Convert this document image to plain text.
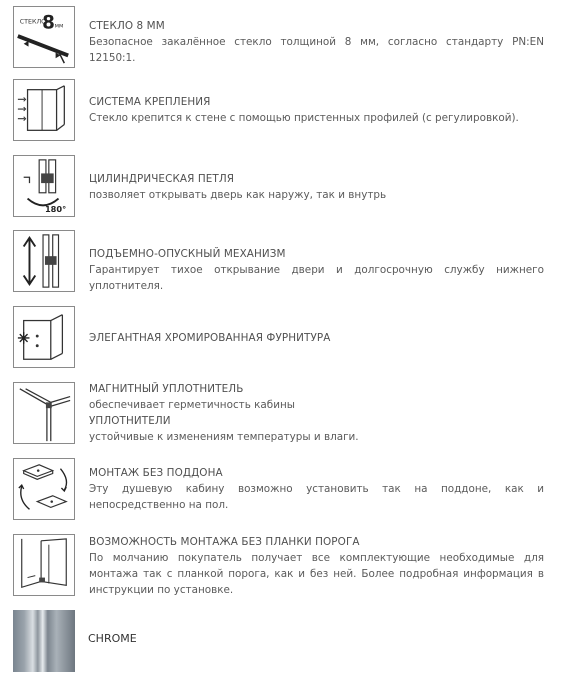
СТЕКЛО
8 мм СТЕКЛО 8 ММ
Безопасное закалённое стекло толщиной 8 мм, согласно стандарту PN:EN 12150:1.
СИСТЕМА КРЕПЛЕНИЯ
Стекло крепится к стене с помощью пристенных профилей (с регулировкой).
180°
ЦИЛИНДРИЧЕСКАЯ ПЕТЛЯ
позволяет открывать дверь как наружу, так и внутрь
ПОДЪЕМНО-ОПУСКНЫЙ МЕХАНИЗМ
Гарантирует тихое открывание двери и долгосрочную службу нижнего уплотнителя.
ЭЛЕГАНТНАЯ ХРОМИРОВАННАЯ ФУРНИТУРА
МАГНИТНЫЙ УПЛОТНИТЕЛЬ
обеспечивает герметичность кабины
УПЛОТНИТЕЛИ
устойчивые к изменениям температуры и влаги.
МОНТАЖ БЕЗ ПОДДОНА
Эту душевую кабину возможно установить так на поддоне, как и непосредственно на пол.
ВОЗМОЖНОСТЬ МОНТАЖА БЕЗ ПЛАНКИ ПОРОГА
По молчанию покупатель получает все комплектующие необходимые для монтажа так с планкой порога, как и без ней. Более подробная информация в инструкции по установке.
CHROME
